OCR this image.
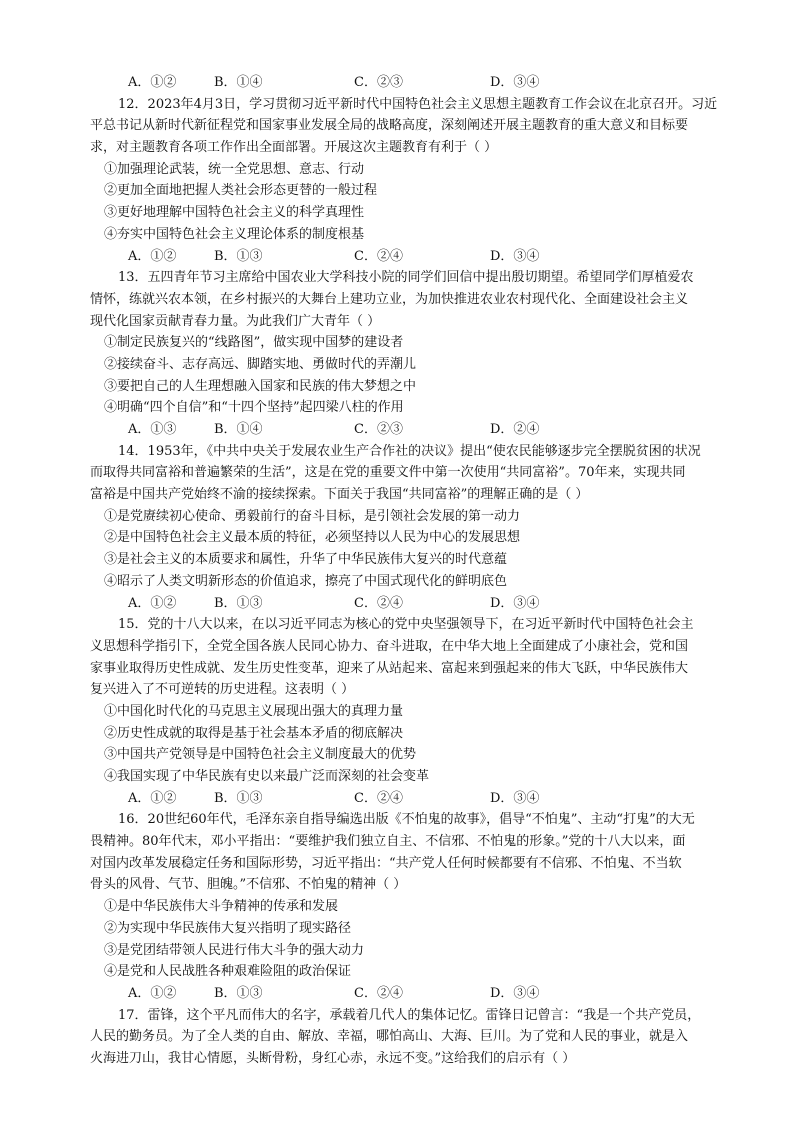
A．①②	B．①④	C．②③	D．③④
12．2023年4月3日，学习贯彻习近平新时代中国特色社会主义思想主题教育工作会议在北京召开。习近
平总书记从新时代新征程党和国家事业发展全局的战略高度，深刻阐述开展主题教育的重大意义和目标要
求，对主题教育各项工作作出全面部署。开展这次主题教育有利于（ ）
①加强理论武装，统一全党思想、意志、行动
②更加全面地把握人类社会形态更替的一般过程
③更好地理解中国特色社会主义的科学真理性
④夯实中国特色社会主义理论体系的制度根基
A．①②	B．①③	C．②④	D．③④
13．五四青年节习主席给中国农业大学科技小院的同学们回信中提出殷切期望。希望同学们厚植爱农
情怀，练就兴农本领，在乡村振兴的大舞台上建功立业，为加快推进农业农村现代化、全面建设社会主义
现代化国家贡献青春力量。为此我们广大青年（ ）
①制定民族复兴的“线路图”，做实现中国梦的建设者
②接续奋斗、志存高远、脚踏实地、勇做时代的弄潮儿
③要把自己的人生理想融入国家和民族的伟大梦想之中
④明确“四个自信”和“十四个坚持”起四梁八柱的作用
A．①③	B．①④	C．②③	D．②④
14．1953年，《中共中央关于发展农业生产合作社的决议》提出“使农民能够逐步完全摆脱贫困的状况
而取得共同富裕和普遍繁荣的生活”，这是在党的重要文件中第一次使用“共同富裕”。70年来，实现共同
富裕是中国共产党始终不渝的接续探索。下面关于我国“共同富裕”的理解正确的是（ ）
①是党赓续初心使命、勇毅前行的奋斗目标，是引领社会发展的第一动力
②是中国特色社会主义最本质的特征，必须坚持以人民为中心的发展思想
③是社会主义的本质要求和属性，升华了中华民族伟大复兴的时代意蕴
④昭示了人类文明新形态的价值追求，擦亮了中国式现代化的鲜明底色
A．①②	B．①③	C．②④	D．③④
15．党的十八大以来，在以习近平同志为核心的党中央坚强领导下，在习近平新时代中国特色社会主
义思想科学指引下，全党全国各族人民同心协力、奋斗进取，在中华大地上全面建成了小康社会，党和国
家事业取得历史性成就、发生历史性变革，迎来了从站起来、富起来到强起来的伟大飞跃，中华民族伟大
复兴进入了不可逆转的历史进程。这表明（ ）
①中国化时代化的马克思主义展现出强大的真理力量
②历史性成就的取得是基于社会基本矛盾的彻底解决
③中国共产党领导是中国特色社会主义制度最大的优势
④我国实现了中华民族有史以来最广泛而深刻的社会变革
A．①②	B．①③	C．②④	D．③④
16．20世纪60年代，毛泽东亲自指导编选出版《不怕鬼的故事》，倡导“不怕鬼”、主动“打鬼”的大无
畏精神。80年代末，邓小平指出：“要维护我们独立自主、不信邪、不怕鬼的形象。”党的十八大以来，面
对国内改革发展稳定任务和国际形势，习近平指出：“共产党人任何时候都要有不信邪、不怕鬼、不当软
骨头的风骨、气节、胆魄。”不信邪、不怕鬼的精神（ ）
①是中华民族伟大斗争精神的传承和发展
②为实现中华民族伟大复兴指明了现实路径
③是党团结带领人民进行伟大斗争的强大动力
④是党和人民战胜各种艰难险阻的政治保证
A．①②	B．①③	C．②④	D．③④
17．雷锋，这个平凡而伟大的名字，承载着几代人的集体记忆。雷锋日记曾言：“我是一个共产党员，
人民的勤务员。为了全人类的自由、解放、幸福，哪怕高山、大海、巨川。为了党和人民的事业，就是入
火海进刀山，我甘心情愿，头断骨粉，身红心赤，永远不变。”这给我们的启示有（ ）
